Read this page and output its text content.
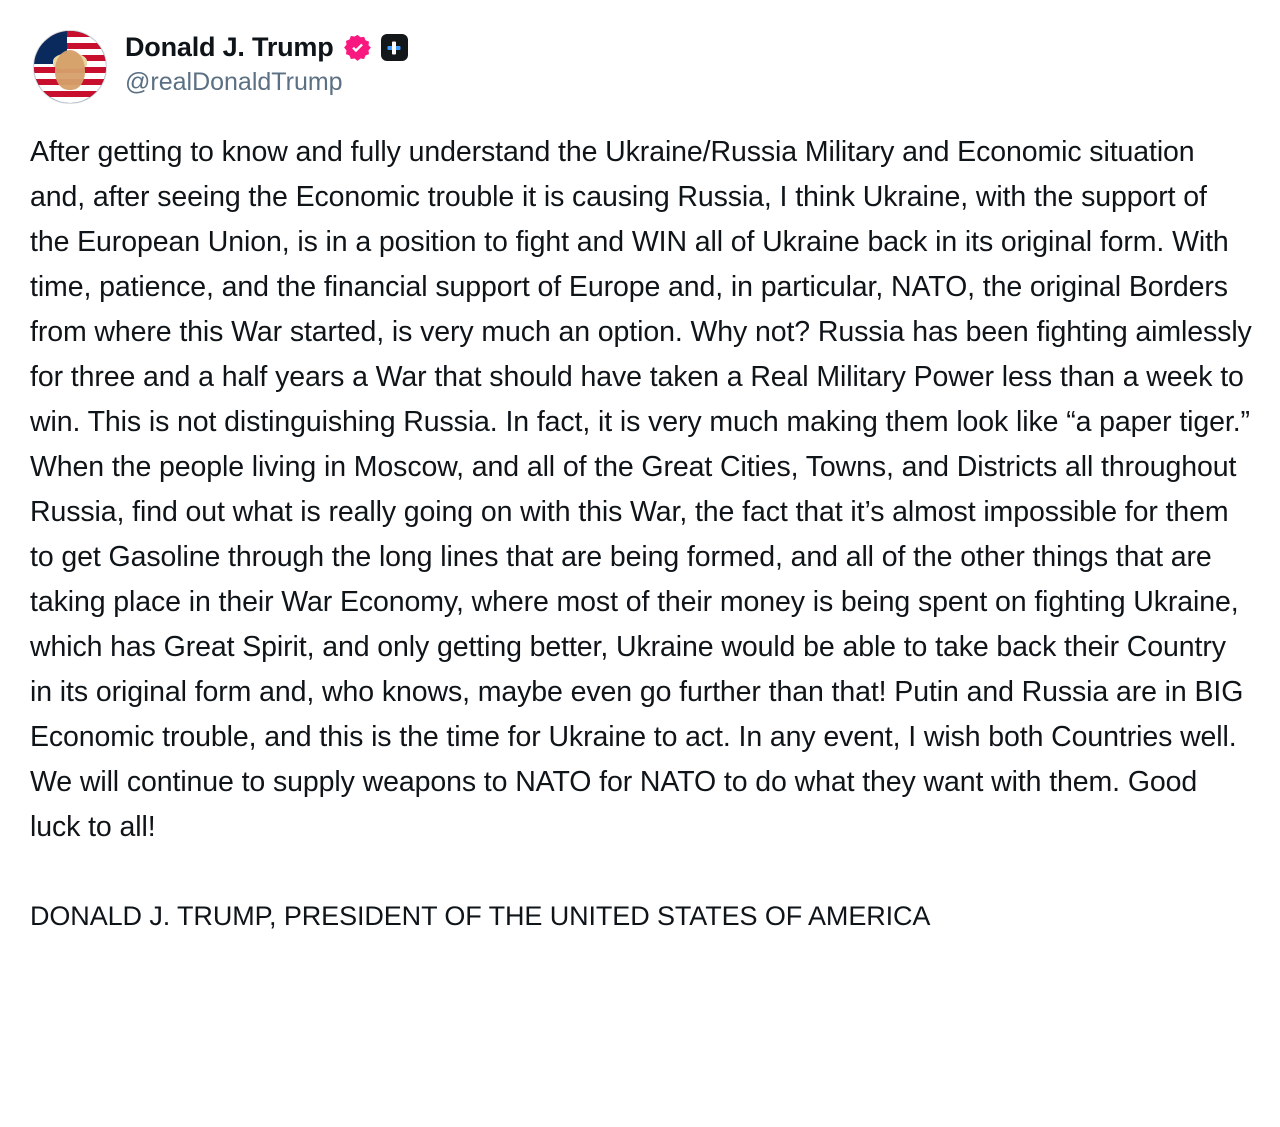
Donald J. Trump
@realDonaldTrump

After getting to know and fully understand the Ukraine/Russia Military and Economic situation and, after seeing the Economic trouble it is causing Russia, I think Ukraine, with the support of the European Union, is in a position to fight and WIN all of Ukraine back in its original form. With time, patience, and the financial support of Europe and, in particular, NATO, the original Borders from where this War started, is very much an option. Why not? Russia has been fighting aimlessly for three and a half years a War that should have taken a Real Military Power less than a week to win. This is not distinguishing Russia. In fact, it is very much making them look like “a paper tiger.” When the people living in Moscow, and all of the Great Cities, Towns, and Districts all throughout Russia, find out what is really going on with this War, the fact that it’s almost impossible for them to get Gasoline through the long lines that are being formed, and all of the other things that are taking place in their War Economy, where most of their money is being spent on fighting Ukraine, which has Great Spirit, and only getting better, Ukraine would be able to take back their Country in its original form and, who knows, maybe even go further than that! Putin and Russia are in BIG Economic trouble, and this is the time for Ukraine to act. In any event, I wish both Countries well. We will continue to supply weapons to NATO for NATO to do what they want with them. Good luck to all!

DONALD J. TRUMP, PRESIDENT OF THE UNITED STATES OF AMERICA
